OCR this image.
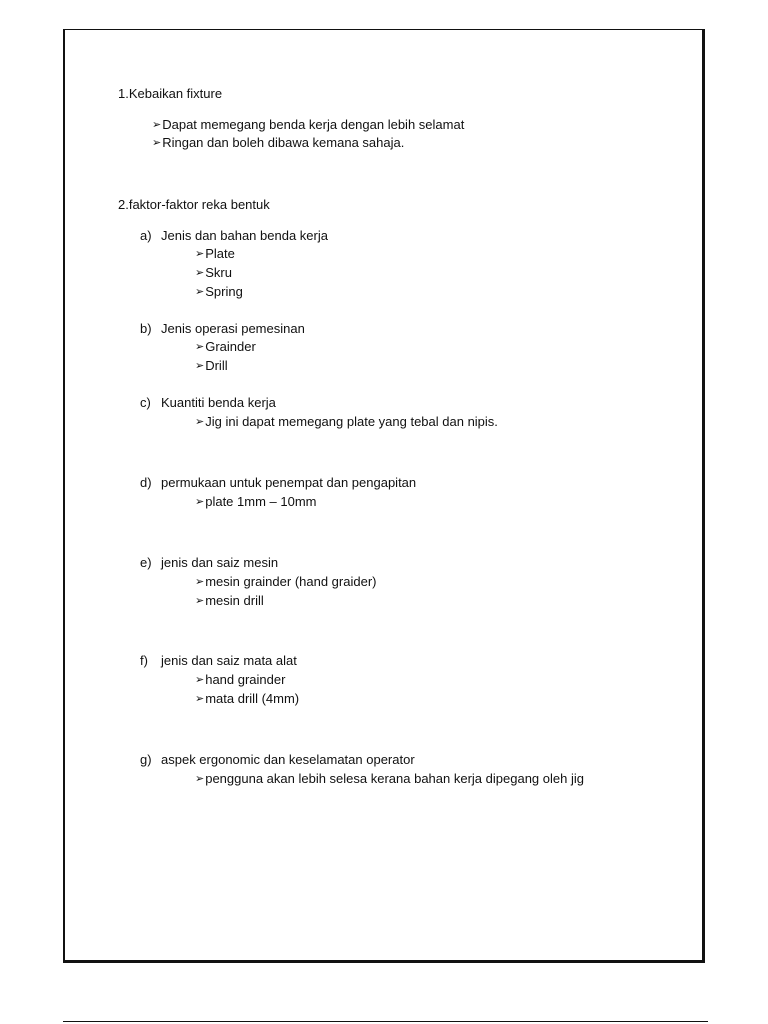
1.Kebaikan fixture
➢Dapat memegang benda kerja dengan lebih selamat
➢Ringan dan boleh dibawa kemana sahaja.
2.faktor-faktor reka bentuk
a) Jenis dan bahan benda kerja
➢Plate
➢Skru
➢Spring
b) Jenis operasi pemesinan
➢Grainder
➢Drill
c) Kuantiti benda kerja
➢Jig ini dapat memegang plate yang tebal dan nipis.
d) permukaan untuk penempat dan pengapitan
➢plate 1mm – 10mm
e) jenis dan saiz mesin
➢mesin grainder (hand graider)
➢mesin drill
f) jenis dan saiz mata alat
➢hand grainder
➢mata drill (4mm)
g) aspek ergonomic dan keselamatan operator
➢pengguna akan lebih selesa kerana bahan kerja dipegang oleh jig
